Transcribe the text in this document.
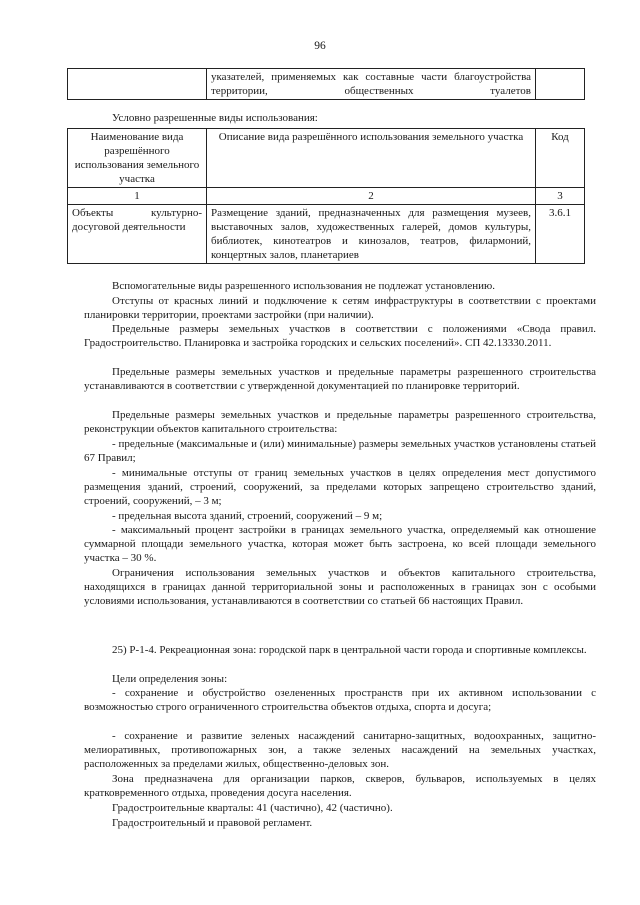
96
	указателей, применяемых как составные части благоустройства территории, общественных туалетов	
Условно разрешенные виды использования:
Наименование вида разрешённого использования земельного участка	Описание вида разрешённого использования земельного участка	Код
1	2	3
Объекты культурно-досуговой деятельности	Размещение зданий, предназначенных для размещения музеев, выставочных залов, художественных галерей, домов культуры, библиотек, кинотеатров и кинозалов, театров, филармоний, концертных залов, планетариев	3.6.1

Вспомогательные виды разрешенного использования не подлежат установлению.

Отступы от красных линий и подключение к сетям инфраструктуры в соответствии с проектами планировки территории, проектами застройки (при наличии).

Предельные размеры земельных участков в соответствии с положениями «Свода правил. Градостроительство. Планировка и застройка городских и сельских поселений». СП 42.13330.2011.

Предельные размеры земельных участков и предельные параметры разрешенного строительства устанавливаются в соответствии с утвержденной документацией по планировке территорий.

Предельные размеры земельных участков и предельные параметры разрешенного строительства, реконструкции объектов капитального строительства:

- предельные (максимальные и (или) минимальные) размеры земельных участков установлены статьей 67 Правил;

- минимальные отступы от границ земельных участков в целях определения мест допустимого размещения зданий, строений, сооружений, за пределами которых запрещено строительство зданий, строений, сооружений, – 3 м;

- предельная высота зданий, строений, сооружений – 9 м;

- максимальный процент застройки в границах земельного участка, определяемый как отношение суммарной площади земельного участка, которая может быть застроена, ко всей площади земельного участка – 30 %.

Ограничения использования земельных участков и объектов капитального строительства, находящихся в границах данной территориальной зоны и расположенных в границах зон с особыми условиями использования, устанавливаются в соответствии со статьей 66 настоящих Правил.

25) Р-1-4. Рекреационная зона: городской парк в центральной части города и спортивные комплексы.

Цели определения зоны:

- сохранение и обустройство озелененных пространств при их активном использовании с возможностью строго ограниченного строительства объектов отдыха, спорта и досуга;

- сохранение и развитие зеленых насаждений санитарно-защитных, водоохранных, защитно-мелиоративных, противопожарных зон, а также зеленых насаждений на земельных участках, расположенных за пределами жилых, общественно-деловых зон.

Зона предназначена для организации парков, скверов, бульваров, используемых в целях кратковременного отдыха, проведения досуга населения.

Градостроительные кварталы: 41 (частично), 42 (частично).

Градостроительный и правовой регламент.
